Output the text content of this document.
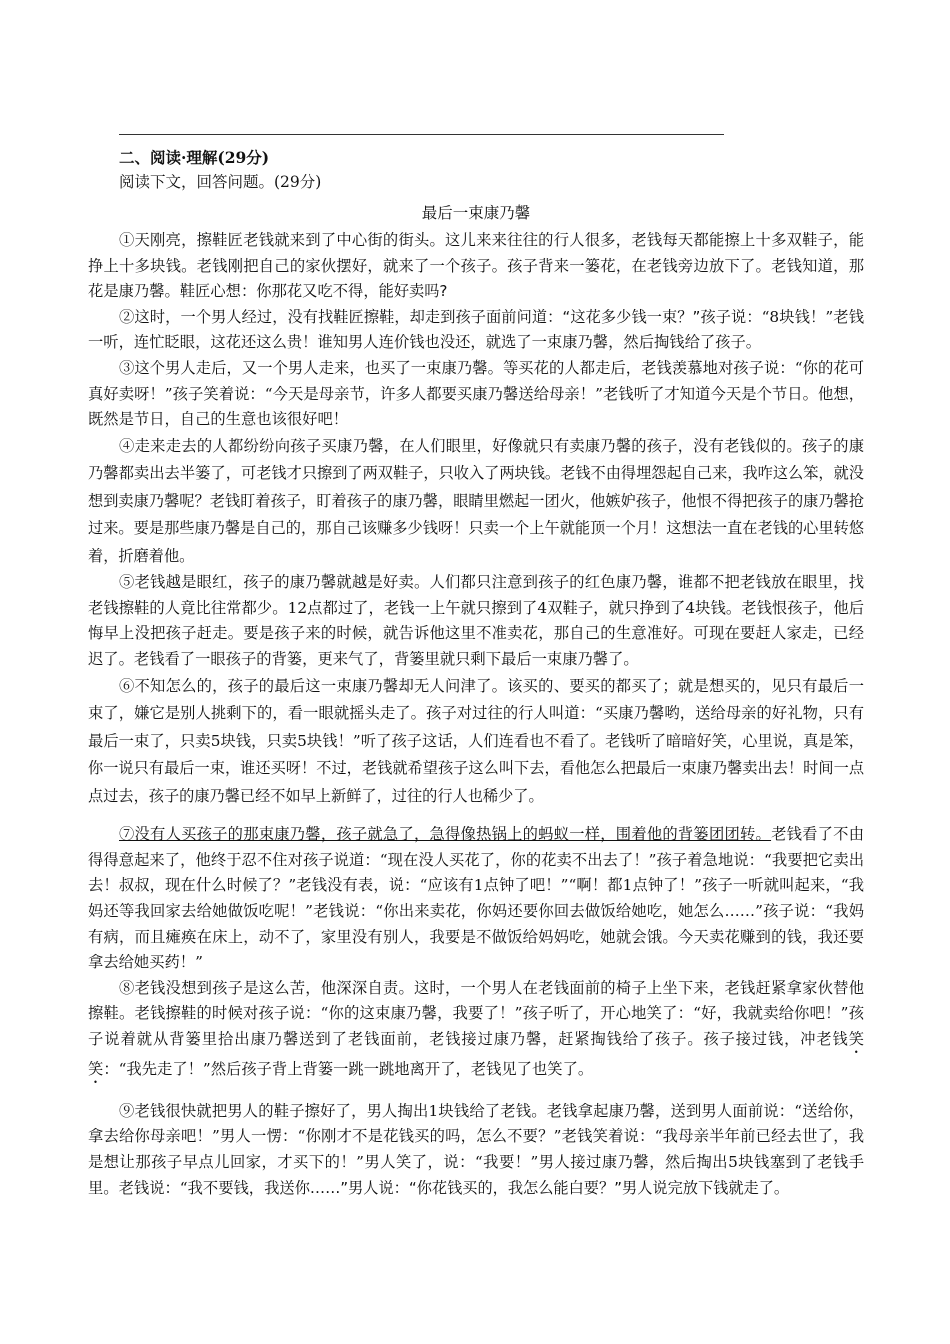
二、阅读·理解(29分)

阅读下文，回答问题。(29分)

最后一束康乃馨

①天刚亮，擦鞋匠老钱就来到了中心街的街头。这儿来来往往的行人很多，老钱每天都能擦上十多双鞋子，能挣上十多块钱。老钱刚把自己的家伙摆好，就来了一个孩子。孩子背来一篓花，在老钱旁边放下了。老钱知道，那花是康乃馨。鞋匠心想：你那花又吃不得，能好卖吗?

②这时，一个男人经过，没有找鞋匠擦鞋，却走到孩子面前问道：“这花多少钱一束？”孩子说：“8块钱！”老钱一听，连忙眨眼，这花还这么贵！谁知男人连价钱也没还，就选了一束康乃馨，然后掏钱给了孩子。

③这个男人走后，又一个男人走来，也买了一束康乃馨。等买花的人都走后，老钱羡慕地对孩子说：“你的花可真好卖呀！”孩子笑着说：“今天是母亲节，许多人都要买康乃馨送给母亲！”老钱听了才知道今天是个节日。他想，既然是节日，自己的生意也该很好吧！

④走来走去的人都纷纷向孩子买康乃馨，在人们眼里，好像就只有卖康乃馨的孩子，没有老钱似的。孩子的康乃馨都卖出去半篓了，可老钱才只擦到了两双鞋子，只收入了两块钱。老钱不由得埋怨起自己来，我咋这么笨，就没想到卖康乃馨呢？老钱盯着孩子，盯着孩子的康乃馨，眼睛里燃起一团火，他嫉妒孩子，他恨不得把孩子的康乃馨抢过来。要是那些康乃馨是自己的，那自己该赚多少钱呀！只卖一个上午就能顶一个月！这想法一直在老钱的心里转悠着，折磨着他。

⑤老钱越是眼红，孩子的康乃馨就越是好卖。人们都只注意到孩子的红色康乃馨，谁都不把老钱放在眼里，找老钱擦鞋的人竟比往常都少。12点都过了，老钱一上午就只擦到了4双鞋子，就只挣到了4块钱。老钱恨孩子，他后悔早上没把孩子赶走。要是孩子来的时候，就告诉他这里不准卖花，那自己的生意准好。可现在要赶人家走，已经迟了。老钱看了一眼孩子的背篓，更来气了，背篓里就只剩下最后一束康乃馨了。

⑥不知怎么的，孩子的最后这一束康乃馨却无人问津了。该买的、要买的都买了；就是想买的，见只有最后一束了，嫌它是别人挑剩下的，看一眼就摇头走了。孩子对过往的行人叫道：“买康乃馨哟，送给母亲的好礼物，只有最后一束了，只卖5块钱，只卖5块钱！”听了孩子这话，人们连看也不看了。老钱听了暗暗好笑，心里说，真是笨，你一说只有最后一束，谁还买呀！不过，老钱就希望孩子这么叫下去，看他怎么把最后一束康乃馨卖出去！时间一点点过去，孩子的康乃馨已经不如早上新鲜了，过往的行人也稀少了。

⑦没有人买孩子的那束康乃馨，孩子就急了，急得像热锅上的蚂蚁一样，围着他的背篓团团转。老钱看了不由得得意起来了，他终于忍不住对孩子说道：“现在没人买花了，你的花卖不出去了！”孩子着急地说：“我要把它卖出去！叔叔，现在什么时候了？”老钱没有表，说：“应该有1点钟了吧！”“啊！都1点钟了！”孩子一听就叫起来，“我妈还等我回家去给她做饭吃呢！”老钱说：“你出来卖花，你妈还要你回去做饭给她吃，她怎么……”孩子说：“我妈有病，而且瘫痪在床上，动不了，家里没有别人，我要是不做饭给妈妈吃，她就会饿。今天卖花赚到的钱，我还要拿去给她买药！”

⑧老钱没想到孩子是这么苦，他深深自责。这时，一个男人在老钱面前的椅子上坐下来，老钱赶紧拿家伙替他擦鞋。老钱擦鞋的时候对孩子说：“你的这束康乃馨，我要了！”孩子听了，开心地笑了：“好，我就卖给你吧！”孩子说着就从背篓里拾出康乃馨送到了老钱面前，老钱接过康乃馨，赶紧掏钱给了孩子。孩子接过钱，冲老钱笑笑：“我先走了！”然后孩子背上背篓一跳一跳地离开了，老钱见了也笑了。

⑨老钱很快就把男人的鞋子擦好了，男人掏出1块钱给了老钱。老钱拿起康乃馨，送到男人面前说：“送给你，拿去给你母亲吧！”男人一愣：“你刚才不是花钱买的吗，怎么不要？”老钱笑着说：“我母亲半年前已经去世了，我是想让那孩子早点儿回家，才买下的！”男人笑了，说：“我要！”男人接过康乃馨，然后掏出5块钱塞到了老钱手里。老钱说：“我不要钱，我送你……”男人说：“你花钱买的，我怎么能白要？”男人说完放下钱就走了。
